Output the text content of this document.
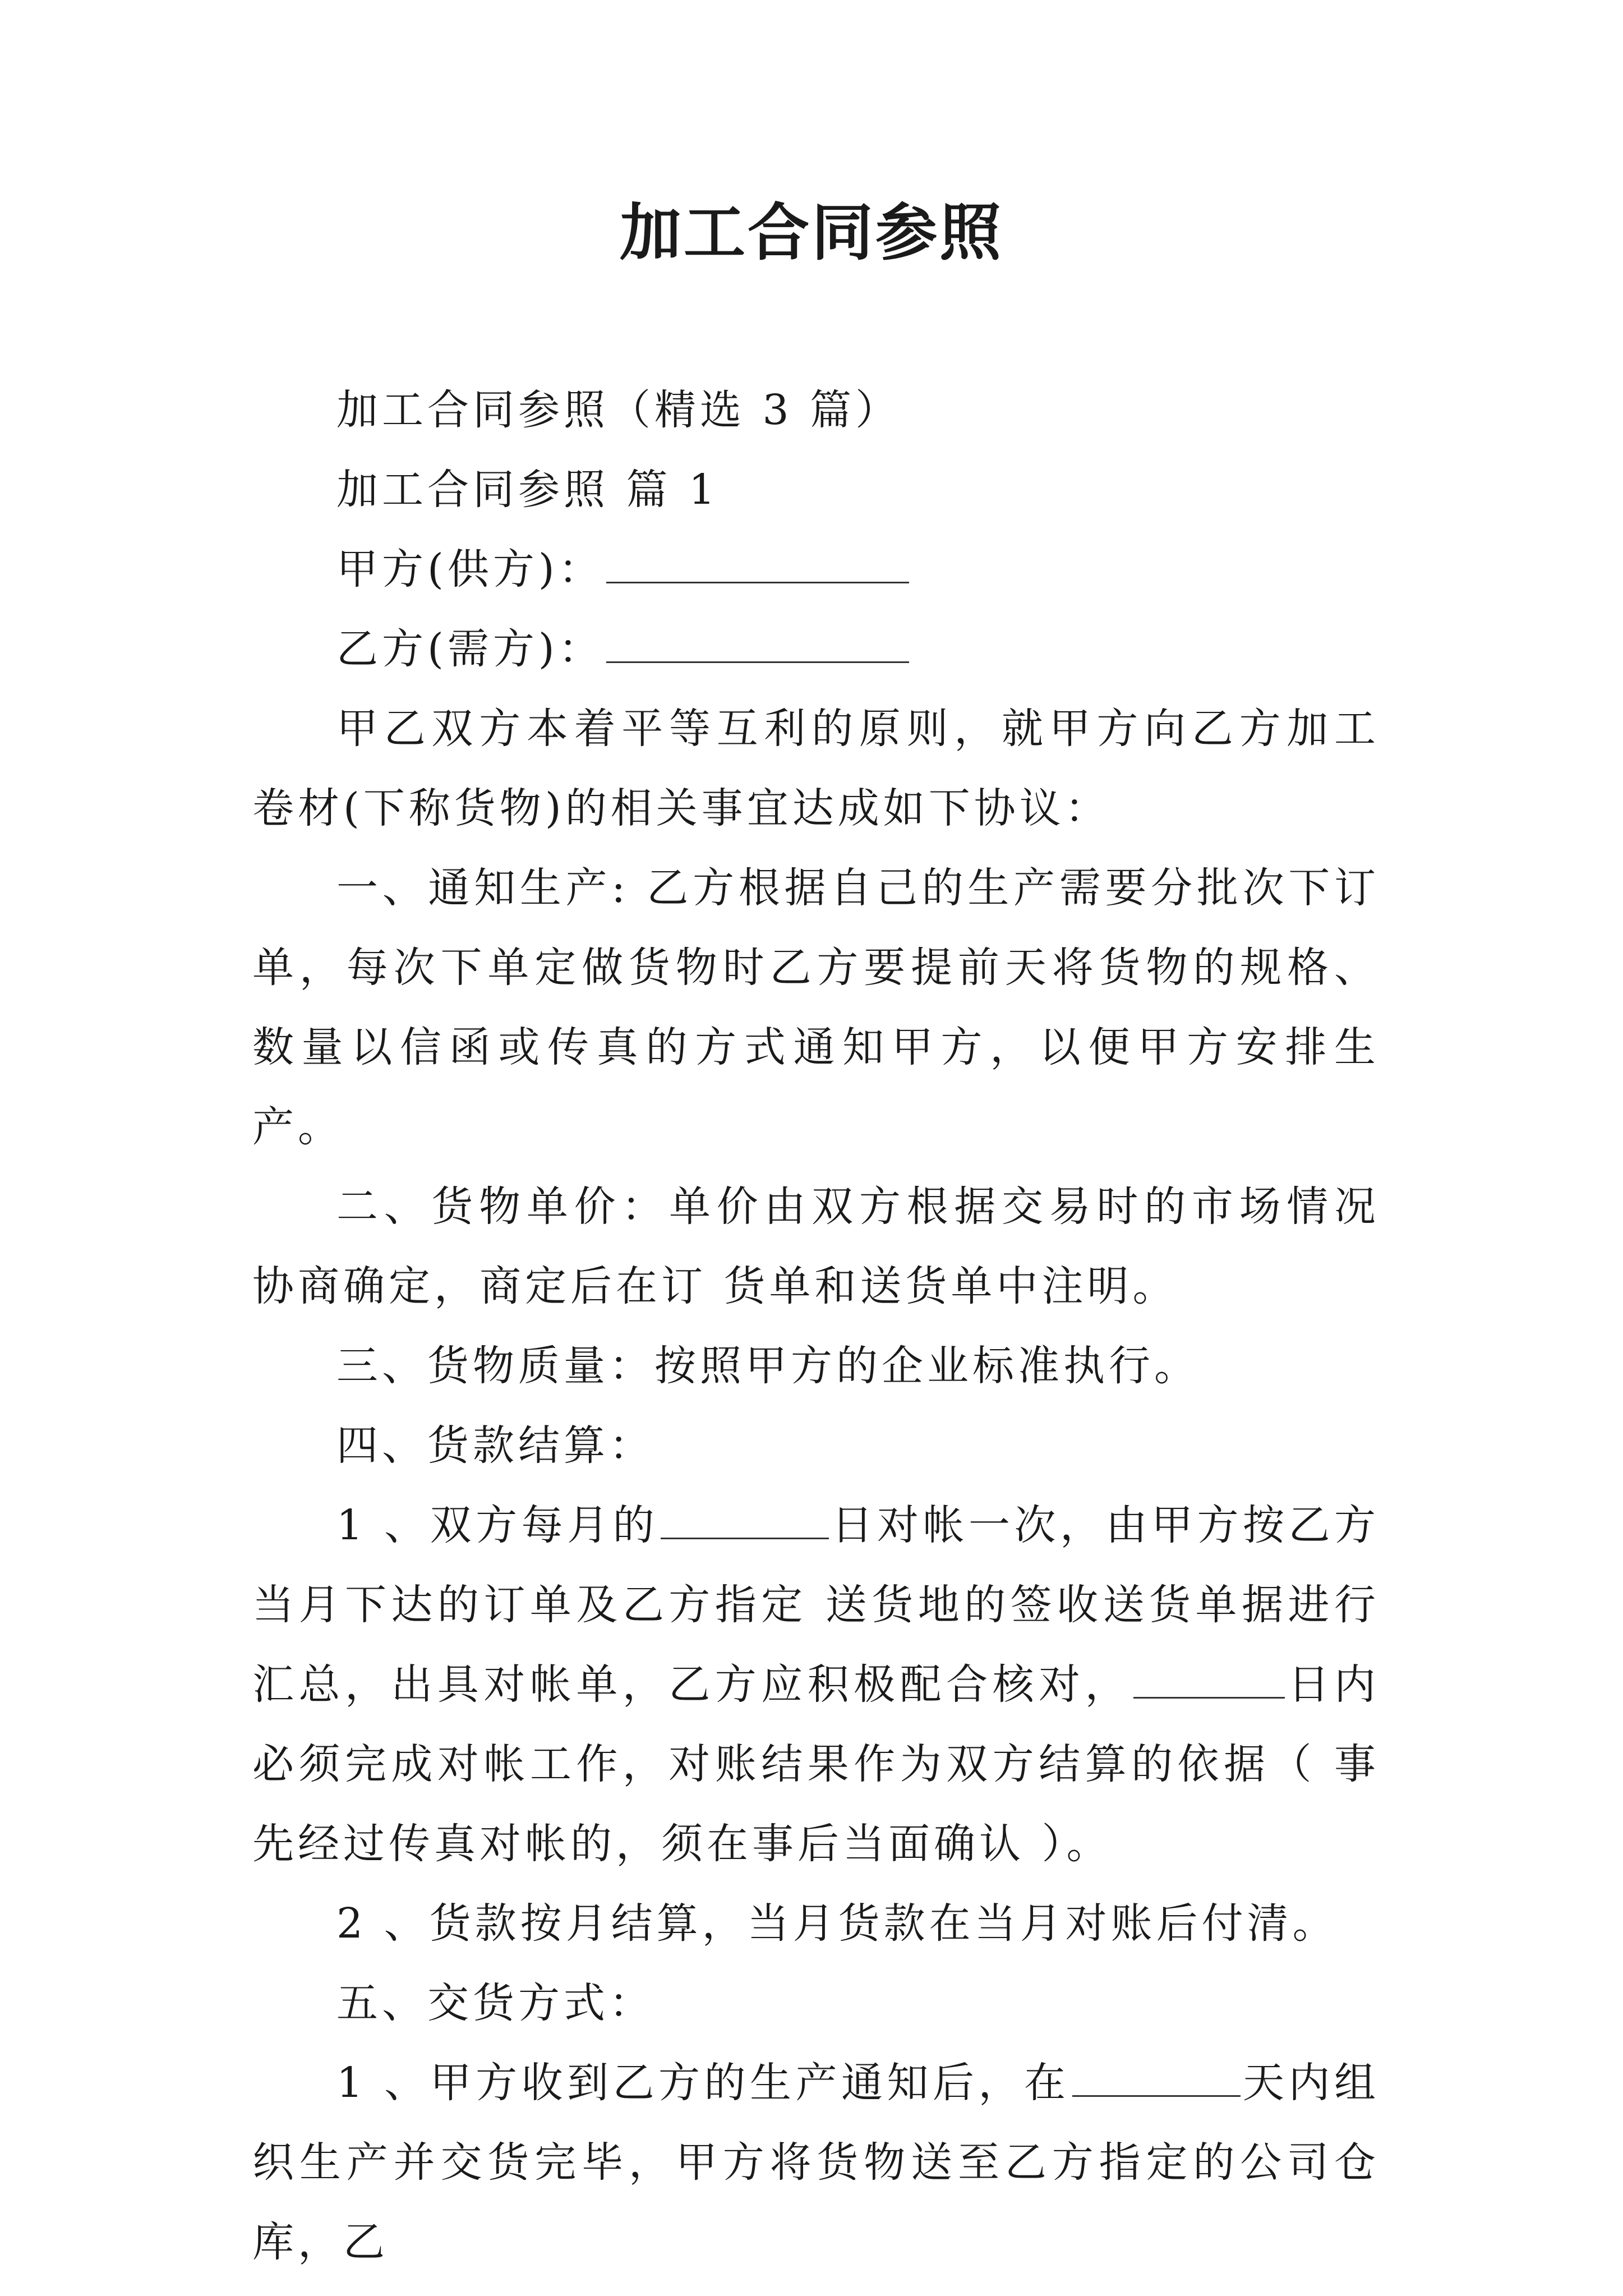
加工合同参照

加工合同参照（精选 3 篇）

加工合同参照 篇 1

甲方(供方)：

乙方(需方)：

甲乙双方本着平等互利的原则，就甲方向乙方加工卷材(下称货物)的相关事宜达成如下协议：

一、通知生产: 乙方根据自己的生产需要分批次下订单，每次下单定做货物时乙方要提前天将货物的规格、数量以信函或传真的方式通知甲方，以便甲方安排生产。

二、货物单价：单价由双方根据交易时的市场情况协商确定，商定后在订 货单和送货单中注明。

三、货物质量：按照甲方的企业标准执行。

四、货款结算：

1 、双方每月的	日对帐一次，由甲方按乙方当月下达的订单及乙方指定 送货地的签收送货单据进行汇总，出具对帐单，乙方应积极配合核对，	日内必须完成对帐工作，对账结果作为双方结算的依据（ 事先经过传真对帐的，须在事后当面确认 ）。

2 、货款按月结算，当月货款在当月对账后付清。

五、交货方式：

1 、甲方收到乙方的生产通知后，在	天内组织生产并交货完毕，甲方将货物送至乙方指定的公司仓库，乙
